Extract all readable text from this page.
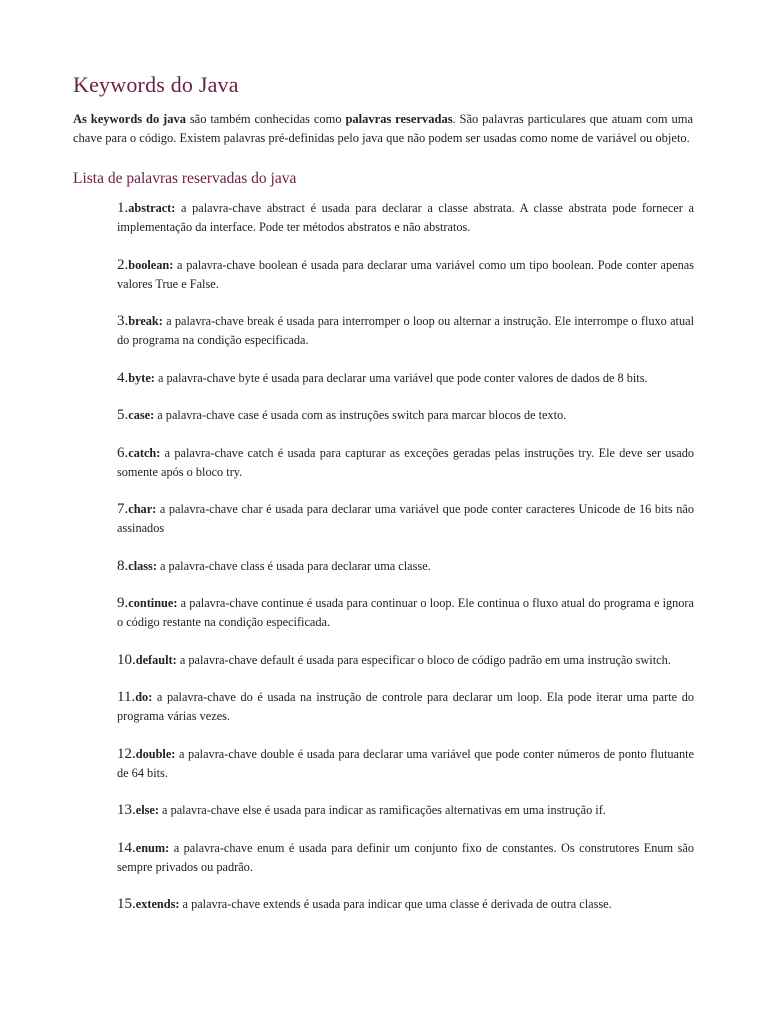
Keywords do Java

As keywords do java são também conhecidas como palavras reservadas. São palavras particulares que atuam com uma chave para o código. Existem palavras pré-definidas pelo java que não podem ser usadas como nome de variável ou objeto.

Lista de palavras reservadas do java

1.abstract: a palavra-chave abstract é usada para declarar a classe abstrata. A classe abstrata pode fornecer a implementação da interface. Pode ter métodos abstratos e não abstratos.

2.boolean: a palavra-chave boolean é usada para declarar uma variável como um tipo boolean. Pode conter apenas valores True e False.

3.break: a palavra-chave break é usada para interromper o loop ou alternar a instrução. Ele interrompe o fluxo atual do programa na condição especificada.

4.byte: a palavra-chave byte é usada para declarar uma variável que pode conter valores de dados de 8 bits.

5.case: a palavra-chave case é usada com as instruções switch para marcar blocos de texto.

6.catch: a palavra-chave catch é usada para capturar as exceções geradas pelas instruções try. Ele deve ser usado somente após o bloco try.

7.char: a palavra-chave char é usada para declarar uma variável que pode conter caracteres Unicode de 16 bits não assinados

8.class: a palavra-chave class é usada para declarar uma classe.

9.continue: a palavra-chave continue é usada para continuar o loop. Ele continua o fluxo atual do programa e ignora o código restante na condição especificada.

10.default: a palavra-chave default é usada para especificar o bloco de código padrão em uma instrução switch.

11.do: a palavra-chave do é usada na instrução de controle para declarar um loop. Ela pode iterar uma parte do programa várias vezes.

12.double: a palavra-chave double é usada para declarar uma variável que pode conter números de ponto flutuante de 64 bits.

13.else: a palavra-chave else é usada para indicar as ramificações alternativas em uma instrução if.

14.enum: a palavra-chave enum é usada para definir um conjunto fixo de constantes. Os construtores Enum são sempre privados ou padrão.

15.extends: a palavra-chave extends é usada para indicar que uma classe é derivada de outra classe.
